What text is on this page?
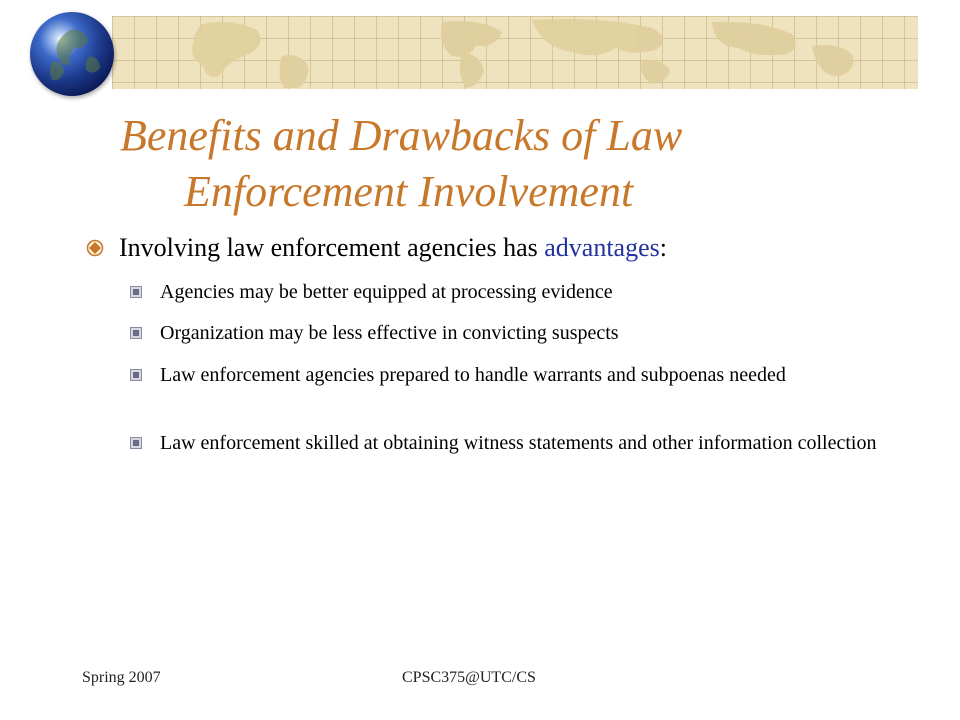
Benefits and Drawbacks of Law
Enforcement Involvement
Involving law enforcement agencies has advantages:
Agencies may be better equipped at processing evidence
Organization may be less effective in convicting suspects
Law enforcement agencies prepared to handle warrants and subpoenas needed
Law enforcement skilled at obtaining witness statements and other information collection
Spring 2007	CPSC375@UTC/CS
